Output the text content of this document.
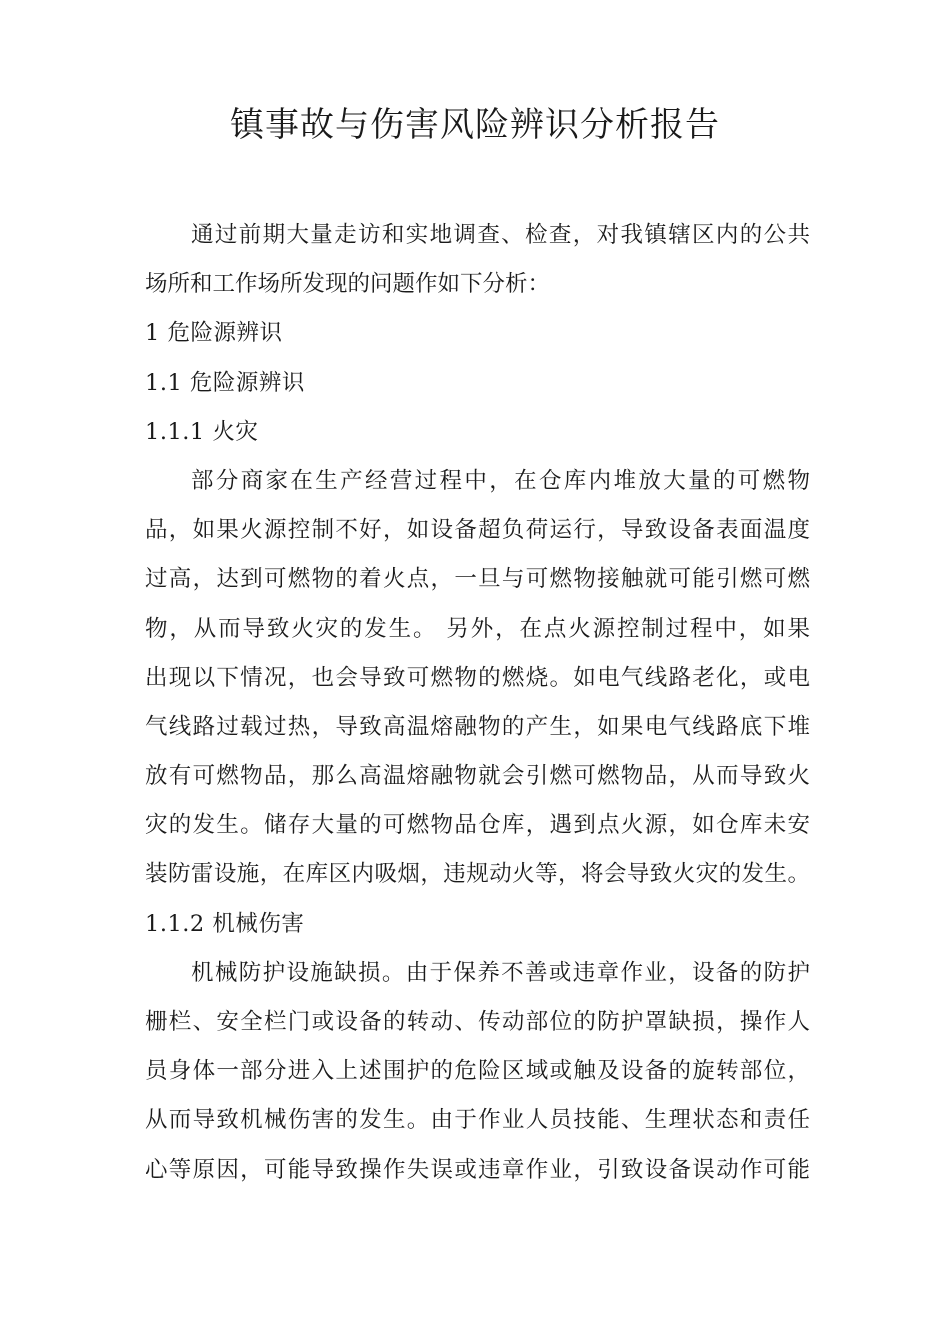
镇事故与伤害风险辨识分析报告
通过前期大量走访和实地调查、检查，对我镇辖区内的公共
场所和工作场所发现的问题作如下分析：
1 危险源辨识
1.1 危险源辨识
1.1.1 火灾
部分商家在生产经营过程中，在仓库内堆放大量的可燃物
品，如果火源控制不好，如设备超负荷运行，导致设备表面温度
过高，达到可燃物的着火点，一旦与可燃物接触就可能引燃可燃
物，从而导致火灾的发生。 另外，在点火源控制过程中，如果
出现以下情况，也会导致可燃物的燃烧。如电气线路老化，或电
气线路过载过热，导致高温熔融物的产生，如果电气线路底下堆
放有可燃物品，那么高温熔融物就会引燃可燃物品，从而导致火
灾的发生。储存大量的可燃物品仓库，遇到点火源，如仓库未安
装防雷设施，在库区内吸烟，违规动火等，将会导致火灾的发生。
1.1.2 机械伤害
机械防护设施缺损。由于保养不善或违章作业，设备的防护
栅栏、安全栏门或设备的转动、传动部位的防护罩缺损，操作人
员身体一部分进入上述围护的危险区域或触及设备的旋转部位，
从而导致机械伤害的发生。由于作业人员技能、生理状态和责任
心等原因，可能导致操作失误或违章作业，引致设备误动作可能
